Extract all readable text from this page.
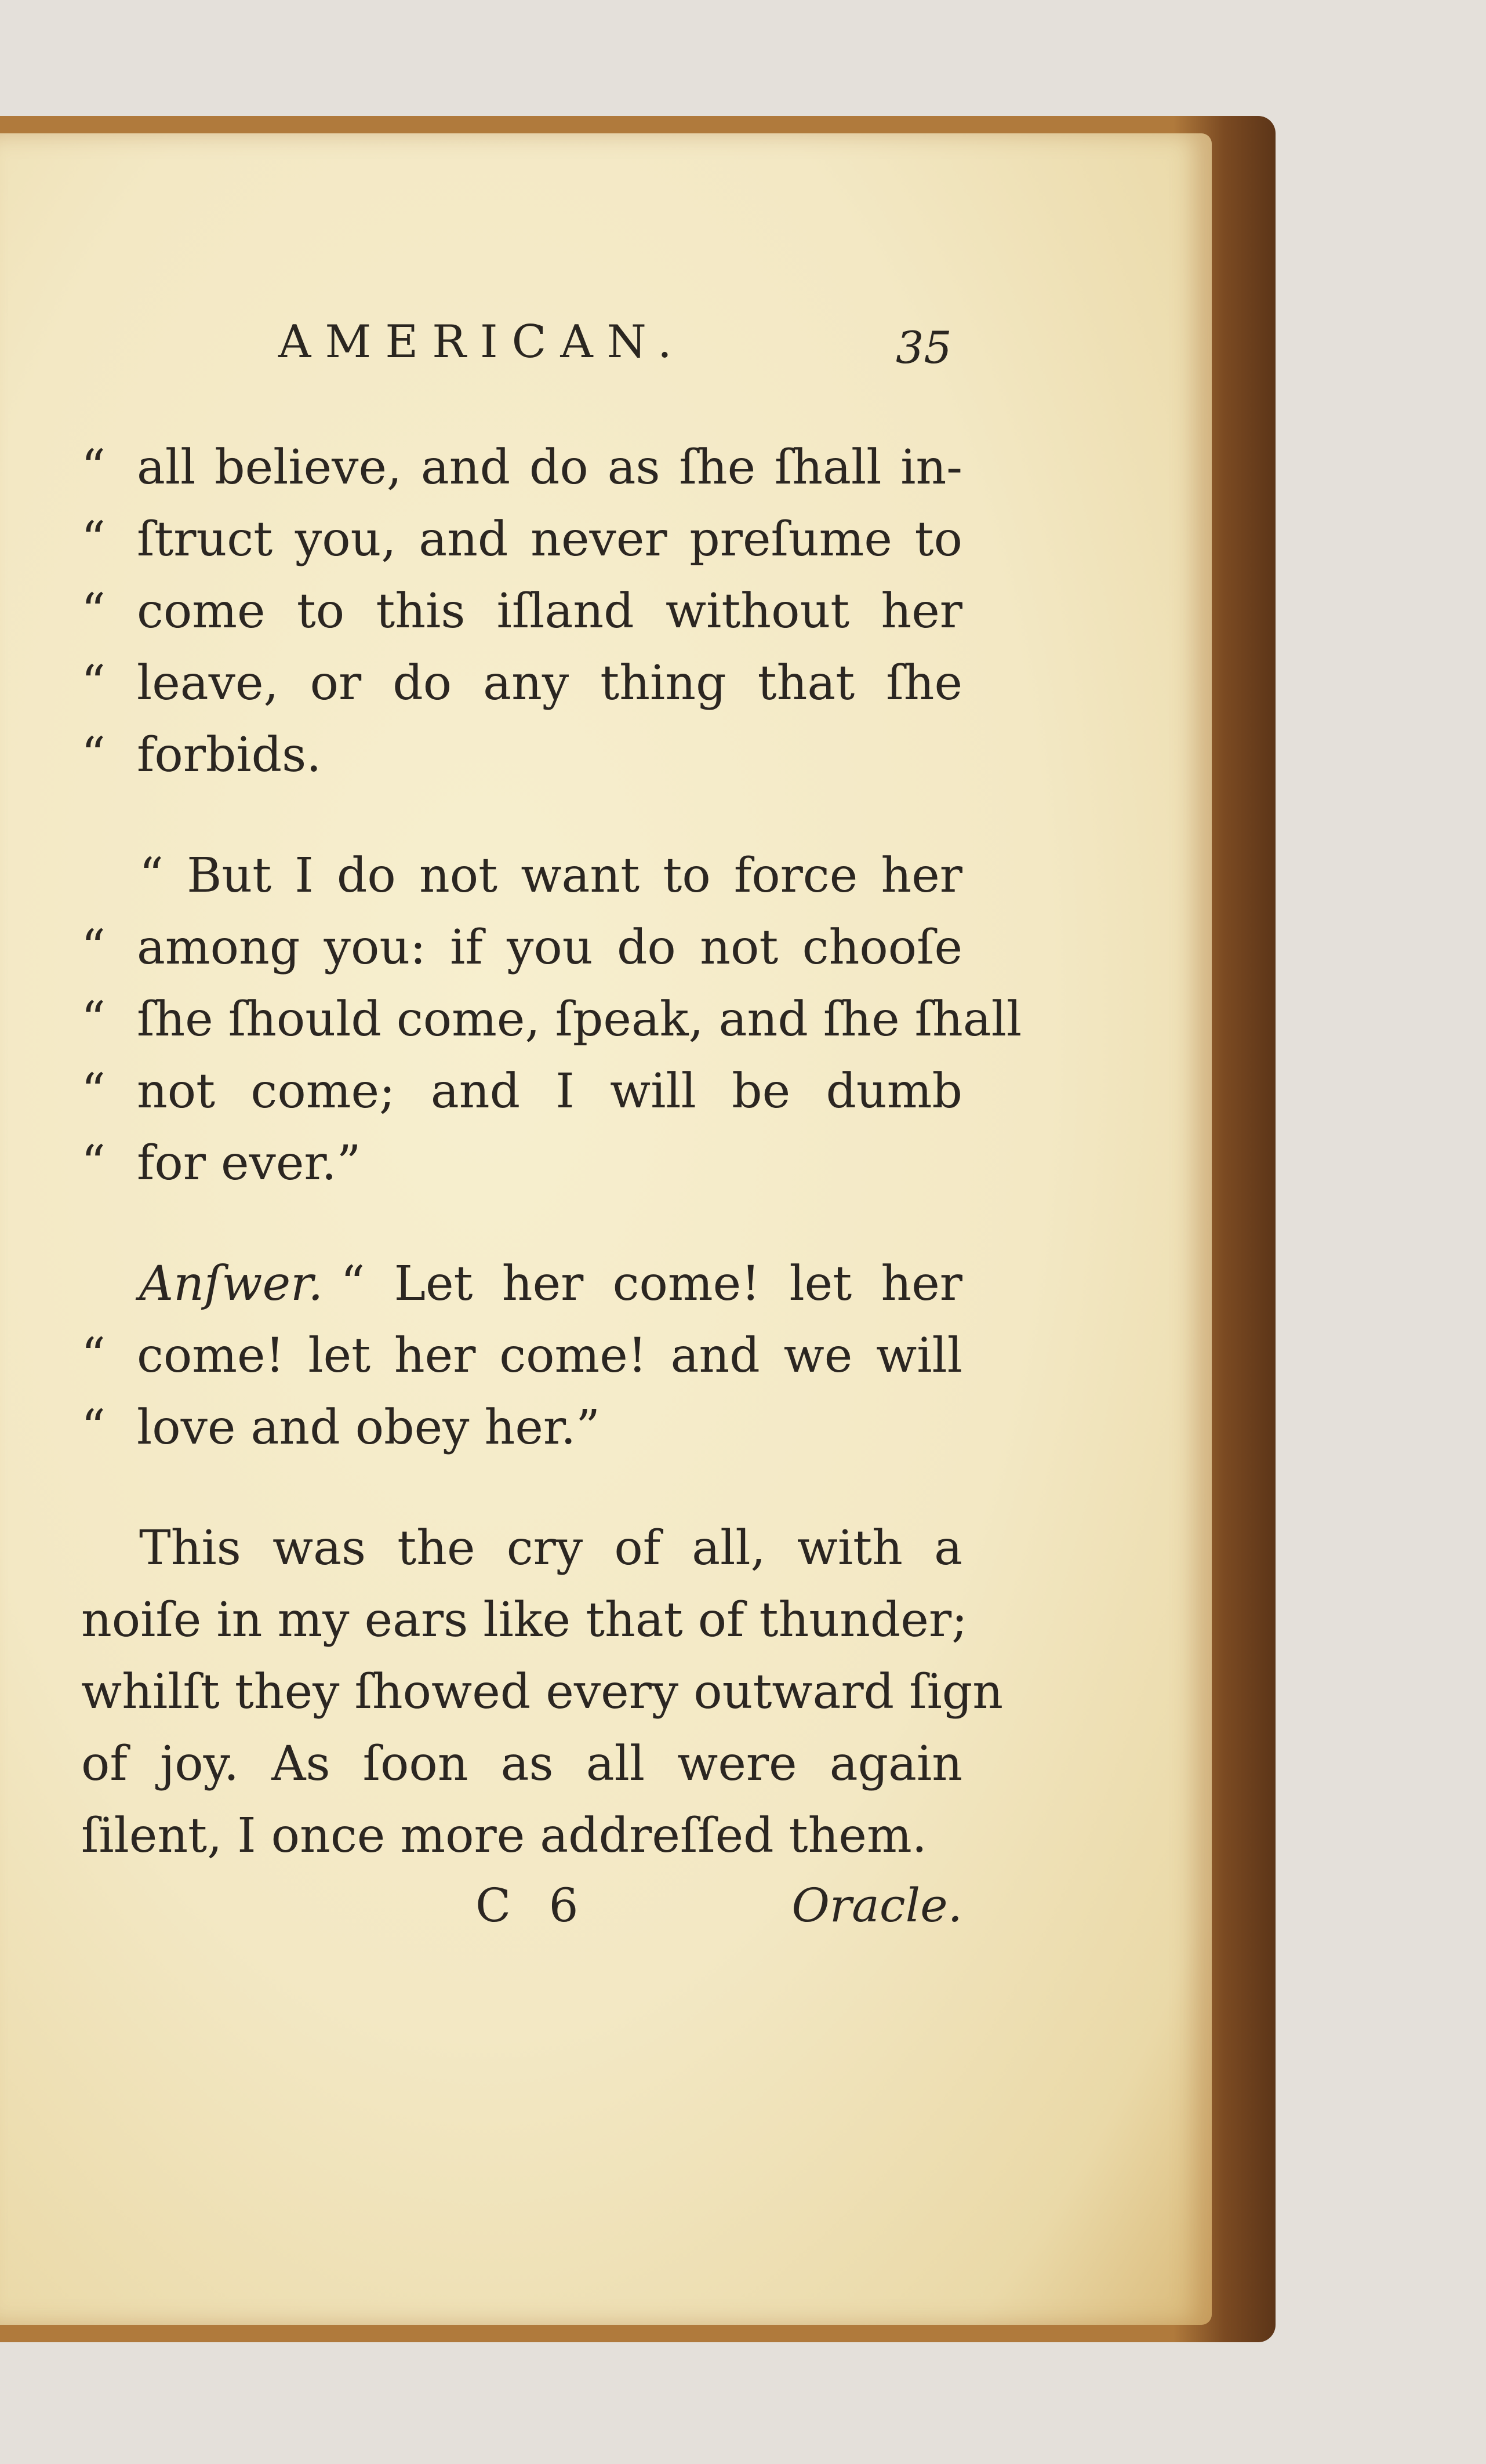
AMERICAN.	35
“ all believe, and do as ſhe ſhall in-
“ ſtruct you, and never preſume to
“ come to this iſland without her
“ leave, or do any thing that ſhe
“ forbids.
“ But I do not want to force her
“ among you: if you do not chooſe
“ ſhe ſhould come, ſpeak, and ſhe ſhall
“ not come; and I will be dumb
“ for ever.”
Anſwer. “ Let her come! let her
“ come! let her come! and we will
“ love and obey her.”
This was the cry of all, with a
noiſe in my ears like that of thunder;
whilſt they ſhowed every outward ſign
of joy. As ſoon as all were again
ſilent, I once more addreſſed them.
C 6	Oracle.
